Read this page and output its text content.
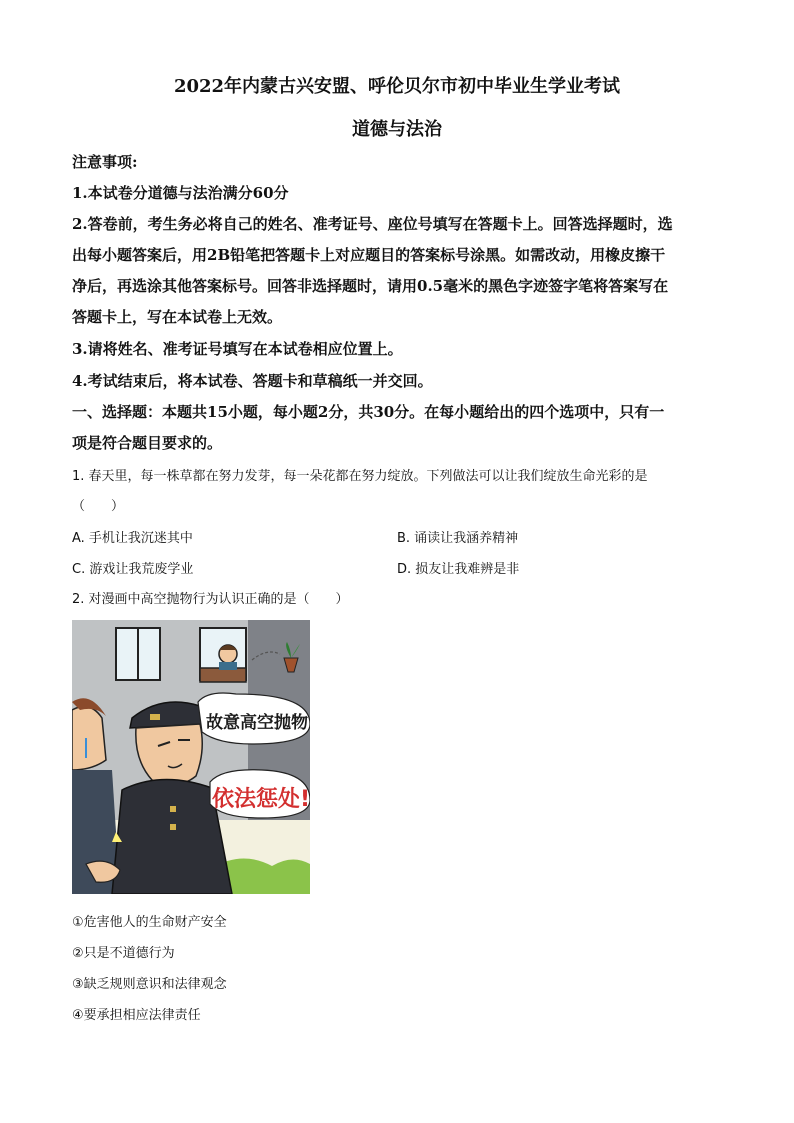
2022年内蒙古兴安盟、呼伦贝尔市初中毕业生学业考试
道德与法治
注意事项:
1.本试卷分道德与法治满分60分
2.答卷前，考生务必将自己的姓名、准考证号、座位号填写在答题卡上。回答选择题时，选
出每小题答案后，用2B铅笔把答题卡上对应题目的答案标号涂黑。如需改动，用橡皮擦干
净后，再选涂其他答案标号。回答非选择题时，请用0.5毫米的黑色字迹签字笔将答案写在
答题卡上，写在本试卷上无效。
3.请将姓名、准考证号填写在本试卷相应位置上。
4.考试结束后，将本试卷、答题卡和草稿纸一并交回。
一、选择题：本题共15小题，每小题2分，共30分。在每小题给出的四个选项中，只有一
项是符合题目要求的。
1. 春天里，每一株草都在努力发芽，每一朵花都在努力绽放。下列做法可以让我们绽放生命光彩的是
（　　）
A. 手机让我沉迷其中	B. 诵读让我涵养精神
C. 游戏让我荒废学业	D. 损友让我难辨是非
2. 对漫画中高空抛物行为认识正确的是（　　）
故意高空抛物
依法惩处!
①危害他人的生命财产安全
②只是不道德行为
③缺乏规则意识和法律观念
④要承担相应法律责任
